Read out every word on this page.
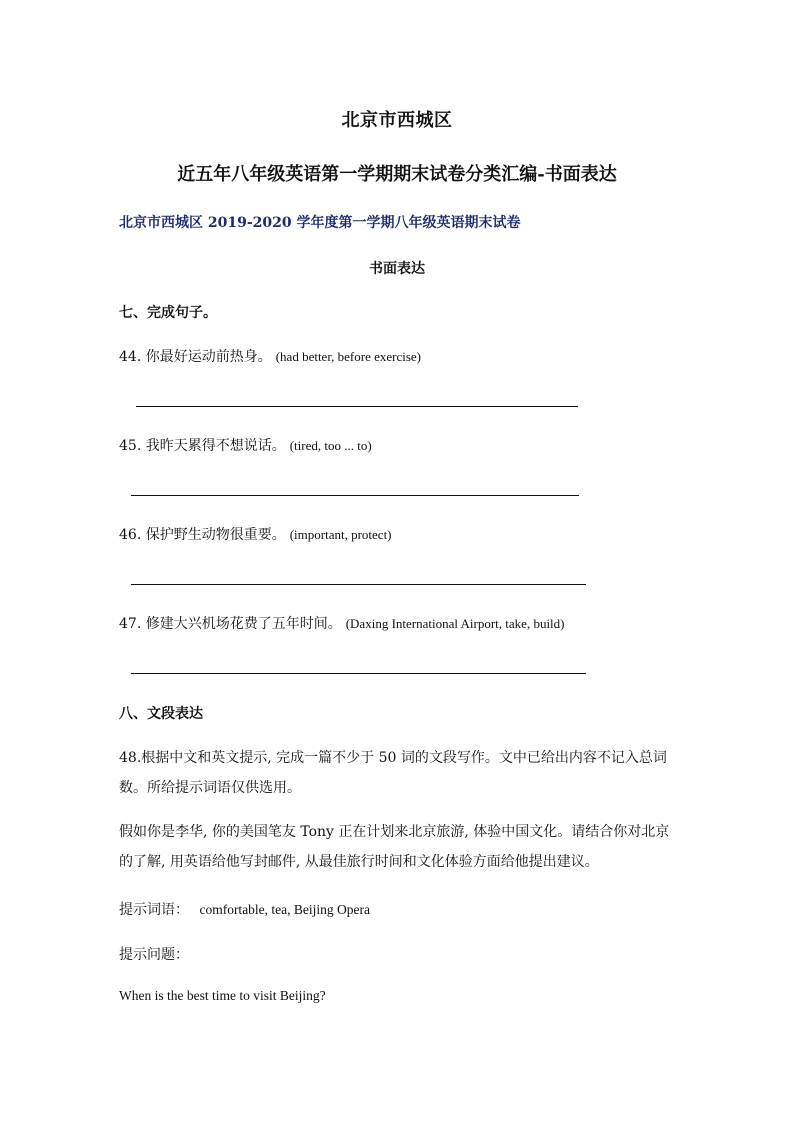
北京市西城区
近五年八年级英语第一学期期末试卷分类汇编-书面表达
北京市西城区 2019-2020 学年度第一学期八年级英语期末试卷
书面表达
七、完成句子。
44. 你最好运动前热身。 (had better, before exercise)
45. 我昨天累得不想说话。 (tired, too ... to)
46. 保护野生动物很重要。 (important, protect)
47. 修建大兴机场花费了五年时间。 (Daxing International Airport, take, build)
八、文段表达
48.根据中文和英文提示, 完成一篇不少于 50 词的文段写作。文中已给出内容不记入总词数。所给提示词语仅供选用。
假如你是李华, 你的美国笔友 Tony 正在计划来北京旅游, 体验中国文化。请结合你对北京的了解, 用英语给他写封邮件, 从最佳旅行时间和文化体验方面给他提出建议。
提示词语： comfortable, tea, Beijing Opera
提示问题：
When is the best time to visit Beijing?
